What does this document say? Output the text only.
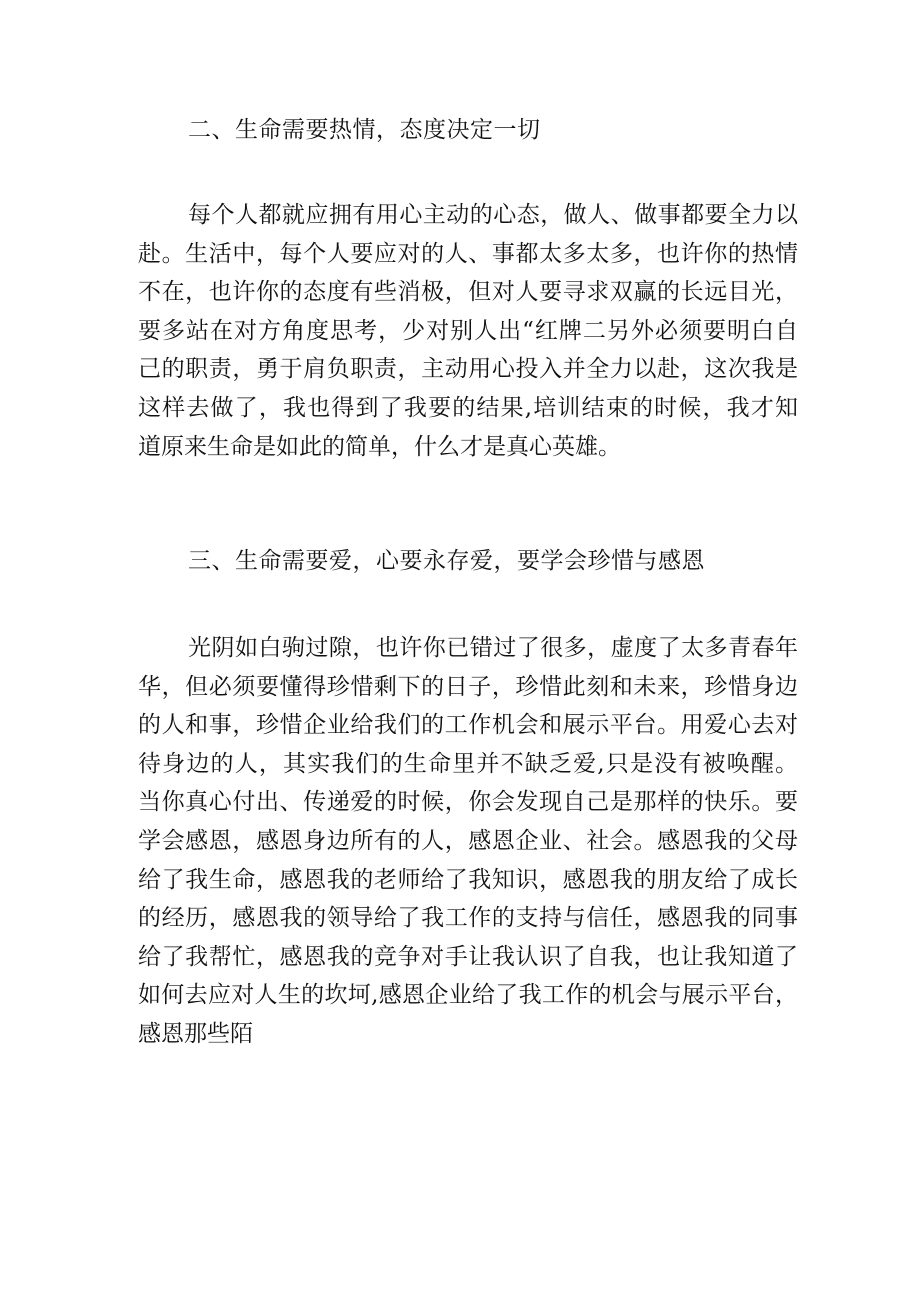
二、生命需要热情，态度决定一切
每个人都就应拥有用心主动的心态，做人、做事都要全力以
赴。生活中，每个人要应对的人、事都太多太多，也许你的热情
不在，也许你的态度有些消极，但对人要寻求双赢的长远目光，
要多站在对方角度思考，少对别人出“红牌二另外必须要明白自
己的职责，勇于肩负职责，主动用心投入并全力以赴，这次我是
这样去做了，我也得到了我要的结果,培训结束的时候，我才知
道原来生命是如此的简单，什么才是真心英雄。
三、生命需要爱，心要永存爱，要学会珍惜与感恩
光阴如白驹过隙，也许你已错过了很多，虚度了太多青春年
华，但必须要懂得珍惜剩下的日子，珍惜此刻和未来，珍惜身边
的人和事，珍惜企业给我们的工作机会和展示平台。用爱心去对
待身边的人，其实我们的生命里并不缺乏爱,只是没有被唤醒。
当你真心付出、传递爱的时候，你会发现自己是那样的快乐。要
学会感恩，感恩身边所有的人，感恩企业、社会。感恩我的父母
给了我生命，感恩我的老师给了我知识，感恩我的朋友给了成长
的经历，感恩我的领导给了我工作的支持与信任，感恩我的同事
给了我帮忙，感恩我的竞争对手让我认识了自我，也让我知道了
如何去应对人生的坎坷,感恩企业给了我工作的机会与展示平台，
感恩那些陌
